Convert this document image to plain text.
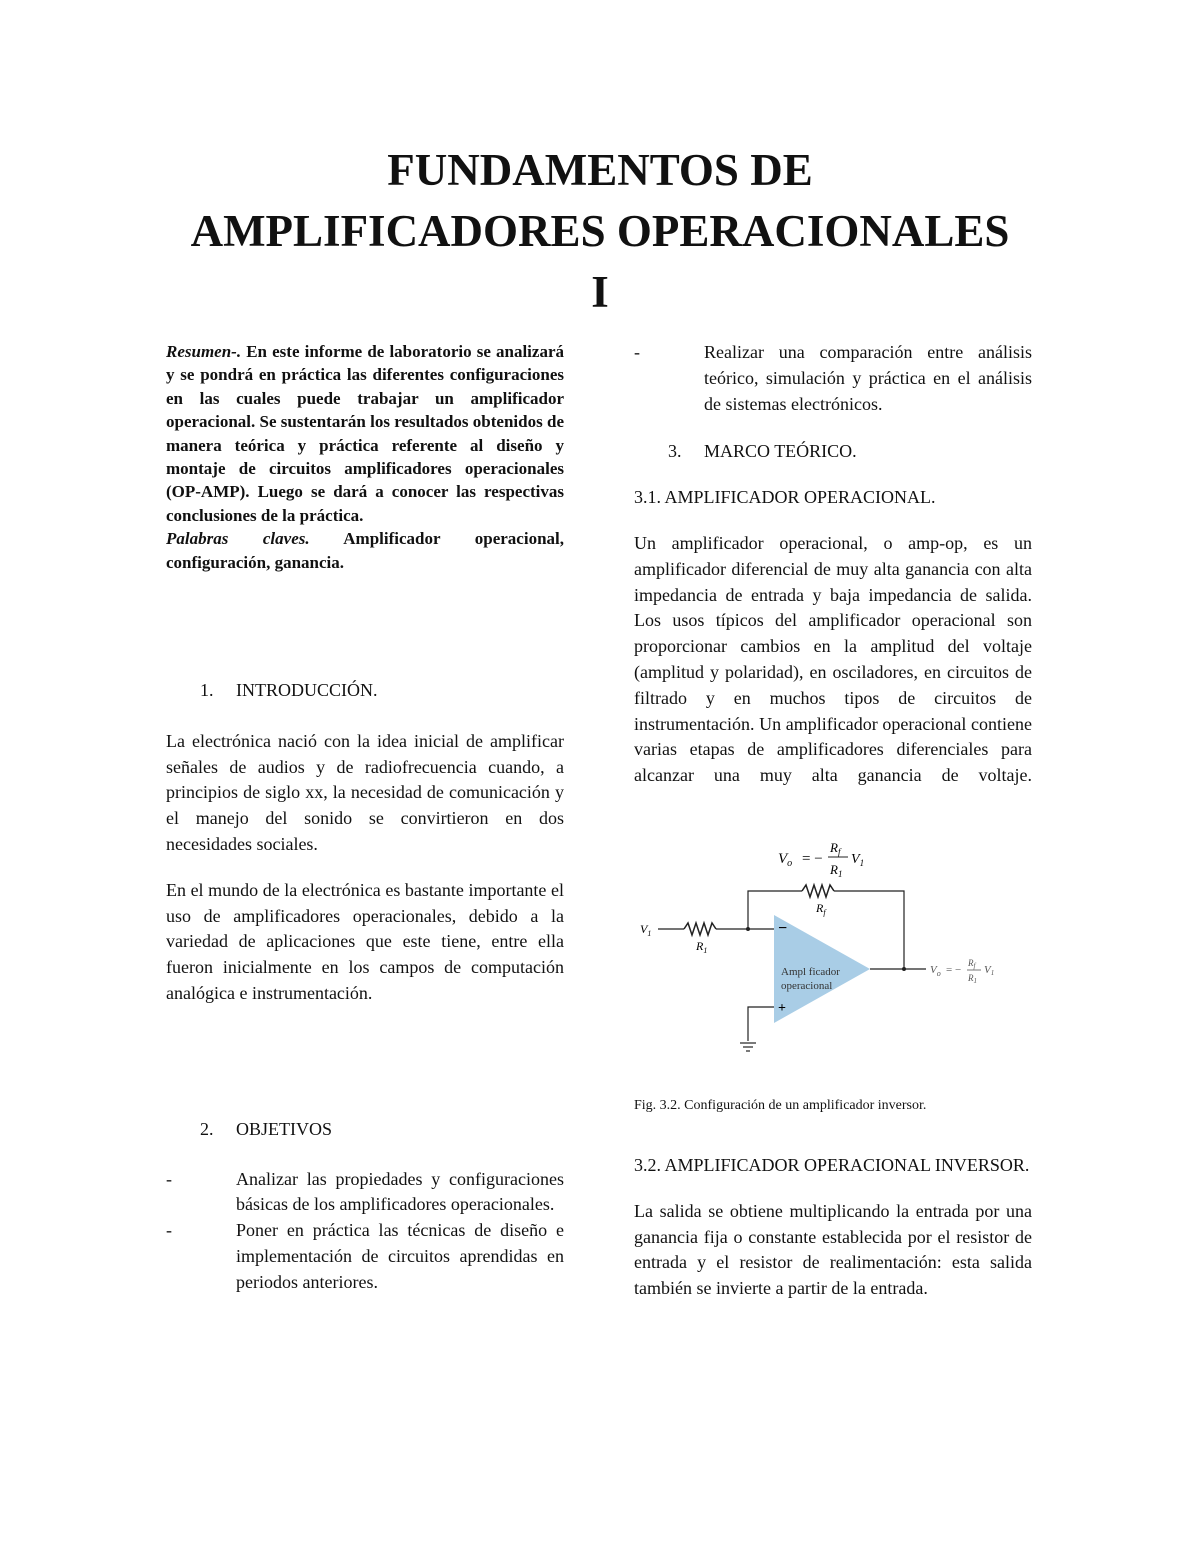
FUNDAMENTOS DE
AMPLIFICADORES OPERACIONALES
I

Resumen-. En este informe de laboratorio se analizará y se pondrá en práctica las diferentes configuraciones en las cuales puede trabajar un amplificador operacional. Se sustentarán los resultados obtenidos de manera teórica y práctica referente al diseño y montaje de circuitos amplificadores operacionales (OP-AMP). Luego se dará a conocer las respectivas conclusiones de la práctica.

Palabras claves. Amplificador operacional, configuración, ganancia.

1.	INTRODUCCIÓN.

La electrónica nació con la idea inicial de amplificar señales de audios y de radiofrecuencia cuando, a principios de siglo xx, la necesidad de comunicación y el manejo del sonido se convirtieron en dos necesidades sociales.

En el mundo de la electrónica es bastante importante el uso de amplificadores operacionales, debido a la variedad de aplicaciones que este tiene, entre ella fueron inicialmente en los campos de computación analógica e instrumentación.

2.	OBJETIVOS
-	Analizar las propiedades y configuraciones básicas de los amplificadores operacionales.
-	Poner en práctica las técnicas de diseño e implementación de circuitos aprendidas en periodos anteriores.
-	Realizar una comparación entre análisis teórico, simulación y práctica en el análisis de sistemas electrónicos.
3.	MARCO TEÓRICO.

3.1. AMPLIFICADOR OPERACIONAL.

Un amplificador operacional, o amp-op, es un amplificador diferencial de muy alta ganancia con alta impedancia de entrada y baja impedancia de salida. Los usos típicos del amplificador operacional son proporcionar cambios en la amplitud del voltaje (amplitud y polaridad), en osciladores, en circuitos de filtrado y en muchos tipos de circuitos de instrumentación. Un amplificador operacional contiene varias etapas de amplificadores diferenciales para alcanzar una muy alta ganancia de voltaje.

$V_o$ = −
$R_f$
$R_1$
$V_1$
$R_f$
$V_1$
$R_1$
−
+
Ampl ficador
operacional
$V_o$ = −
$R_f$
$R_1$
V1

Fig. 3.2. Configuración de un amplificador inversor.

3.2. AMPLIFICADOR OPERACIONAL INVERSOR.

La salida se obtiene multiplicando la entrada por una ganancia fija o constante establecida por el resistor de entrada y el resistor de realimentación: esta salida también se invierte a partir de la entrada.
